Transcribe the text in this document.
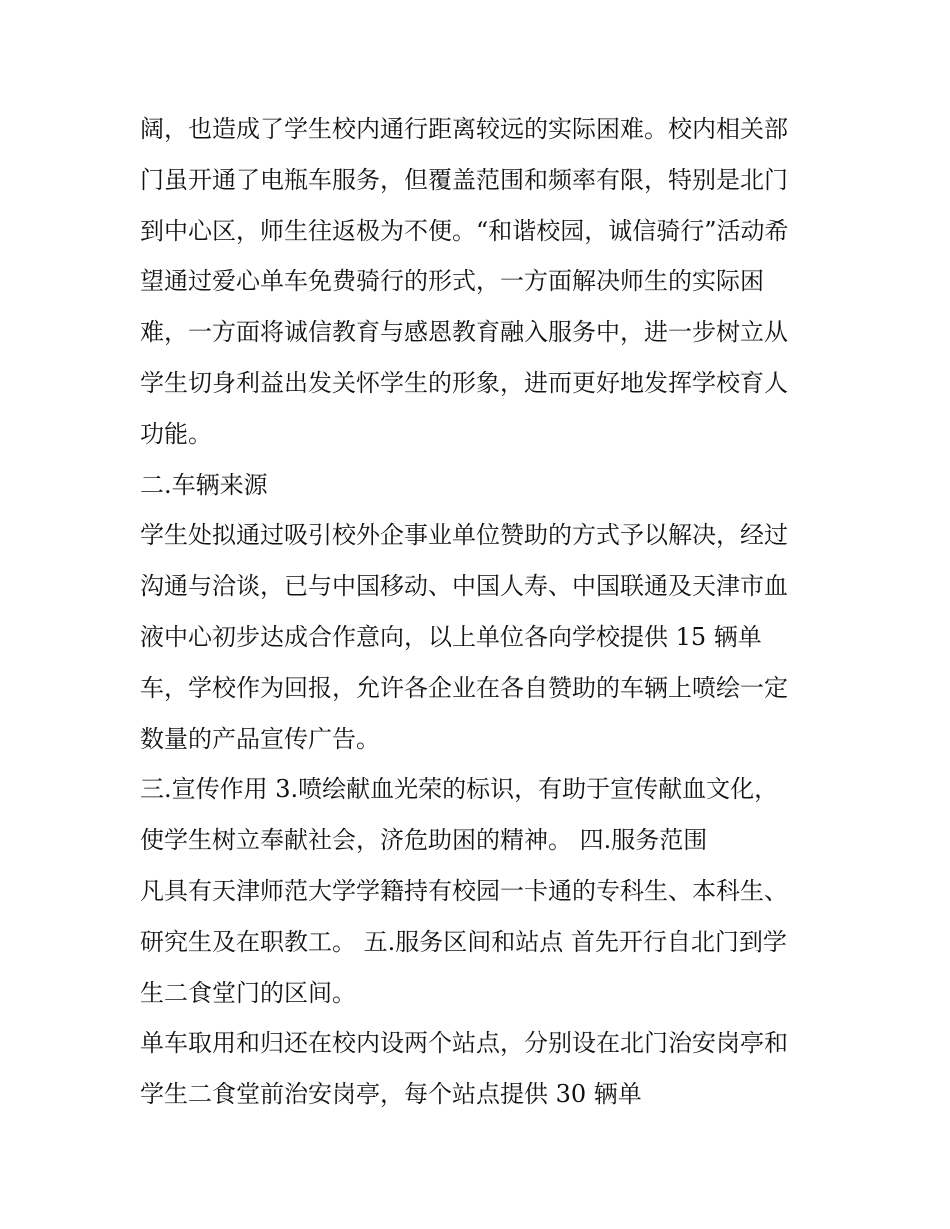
阔，也造成了学生校内通行距离较远的实际困难。校内相关部
门虽开通了电瓶车服务，但覆盖范围和频率有限，特别是北门
到中心区，师生往返极为不便。“和谐校园，诚信骑行”活动希
望通过爱心单车免费骑行的形式，一方面解决师生的实际困
难，一方面将诚信教育与感恩教育融入服务中，进一步树立从
学生切身利益出发关怀学生的形象，进而更好地发挥学校育人
功能。
二.车辆来源
学生处拟通过吸引校外企事业单位赞助的方式予以解决，经过
沟通与洽谈，已与中国移动、中国人寿、中国联通及天津市血
液中心初步达成合作意向，以上单位各向学校提供 15 辆单
车，学校作为回报，允许各企业在各自赞助的车辆上喷绘一定
数量的产品宣传广告。
三.宣传作用 3.喷绘献血光荣的标识，有助于宣传献血文化，
使学生树立奉献社会，济危助困的精神。 四.服务范围
凡具有天津师范大学学籍持有校园一卡通的专科生、本科生、
研究生及在职教工。 五.服务区间和站点 首先开行自北门到学
生二食堂门的区间。
单车取用和归还在校内设两个站点，分别设在北门治安岗亭和
学生二食堂前治安岗亭，每个站点提供 30 辆单
